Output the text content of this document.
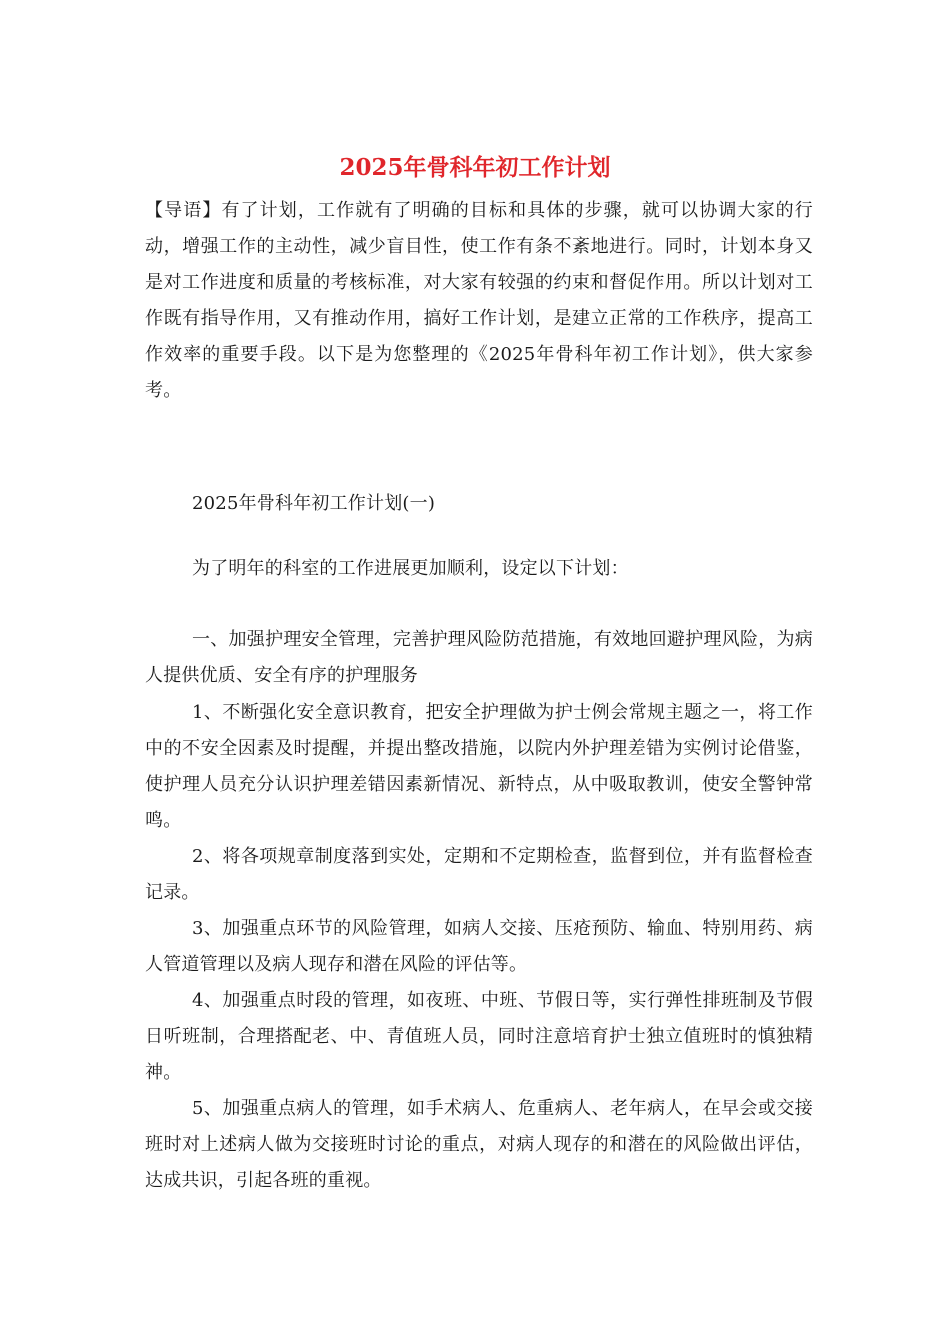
2025年骨科年初工作计划

【导语】有了计划，工作就有了明确的目标和具体的步骤，就可以协调大家的行动，增强工作的主动性，减少盲目性，使工作有条不紊地进行。同时，计划本身又是对工作进度和质量的考核标准，对大家有较强的约束和督促作用。所以计划对工作既有指导作用，又有推动作用，搞好工作计划，是建立正常的工作秩序，提高工作效率的重要手段。以下是为您整理的《2025年骨科年初工作计划》，供大家参考。

2025年骨科年初工作计划(一)

为了明年的科室的工作进展更加顺利，设定以下计划：

一、加强护理安全管理，完善护理风险防范措施，有效地回避护理风险，为病人提供优质、安全有序的护理服务

1、不断强化安全意识教育，把安全护理做为护士例会常规主题之一，将工作中的不安全因素及时提醒，并提出整改措施，以院内外护理差错为实例讨论借鉴，使护理人员充分认识护理差错因素新情况、新特点，从中吸取教训，使安全警钟常鸣。

2、将各项规章制度落到实处，定期和不定期检查，监督到位，并有监督检查记录。

3、加强重点环节的风险管理，如病人交接、压疮预防、输血、特别用药、病人管道管理以及病人现存和潜在风险的评估等。

4、加强重点时段的管理，如夜班、中班、节假日等，实行弹性排班制及节假日听班制，合理搭配老、中、青值班人员，同时注意培育护士独立值班时的慎独精神。

5、加强重点病人的管理，如手术病人、危重病人、老年病人，在早会或交接班时对上述病人做为交接班时讨论的重点，对病人现存的和潜在的风险做出评估，达成共识，引起各班的重视。
